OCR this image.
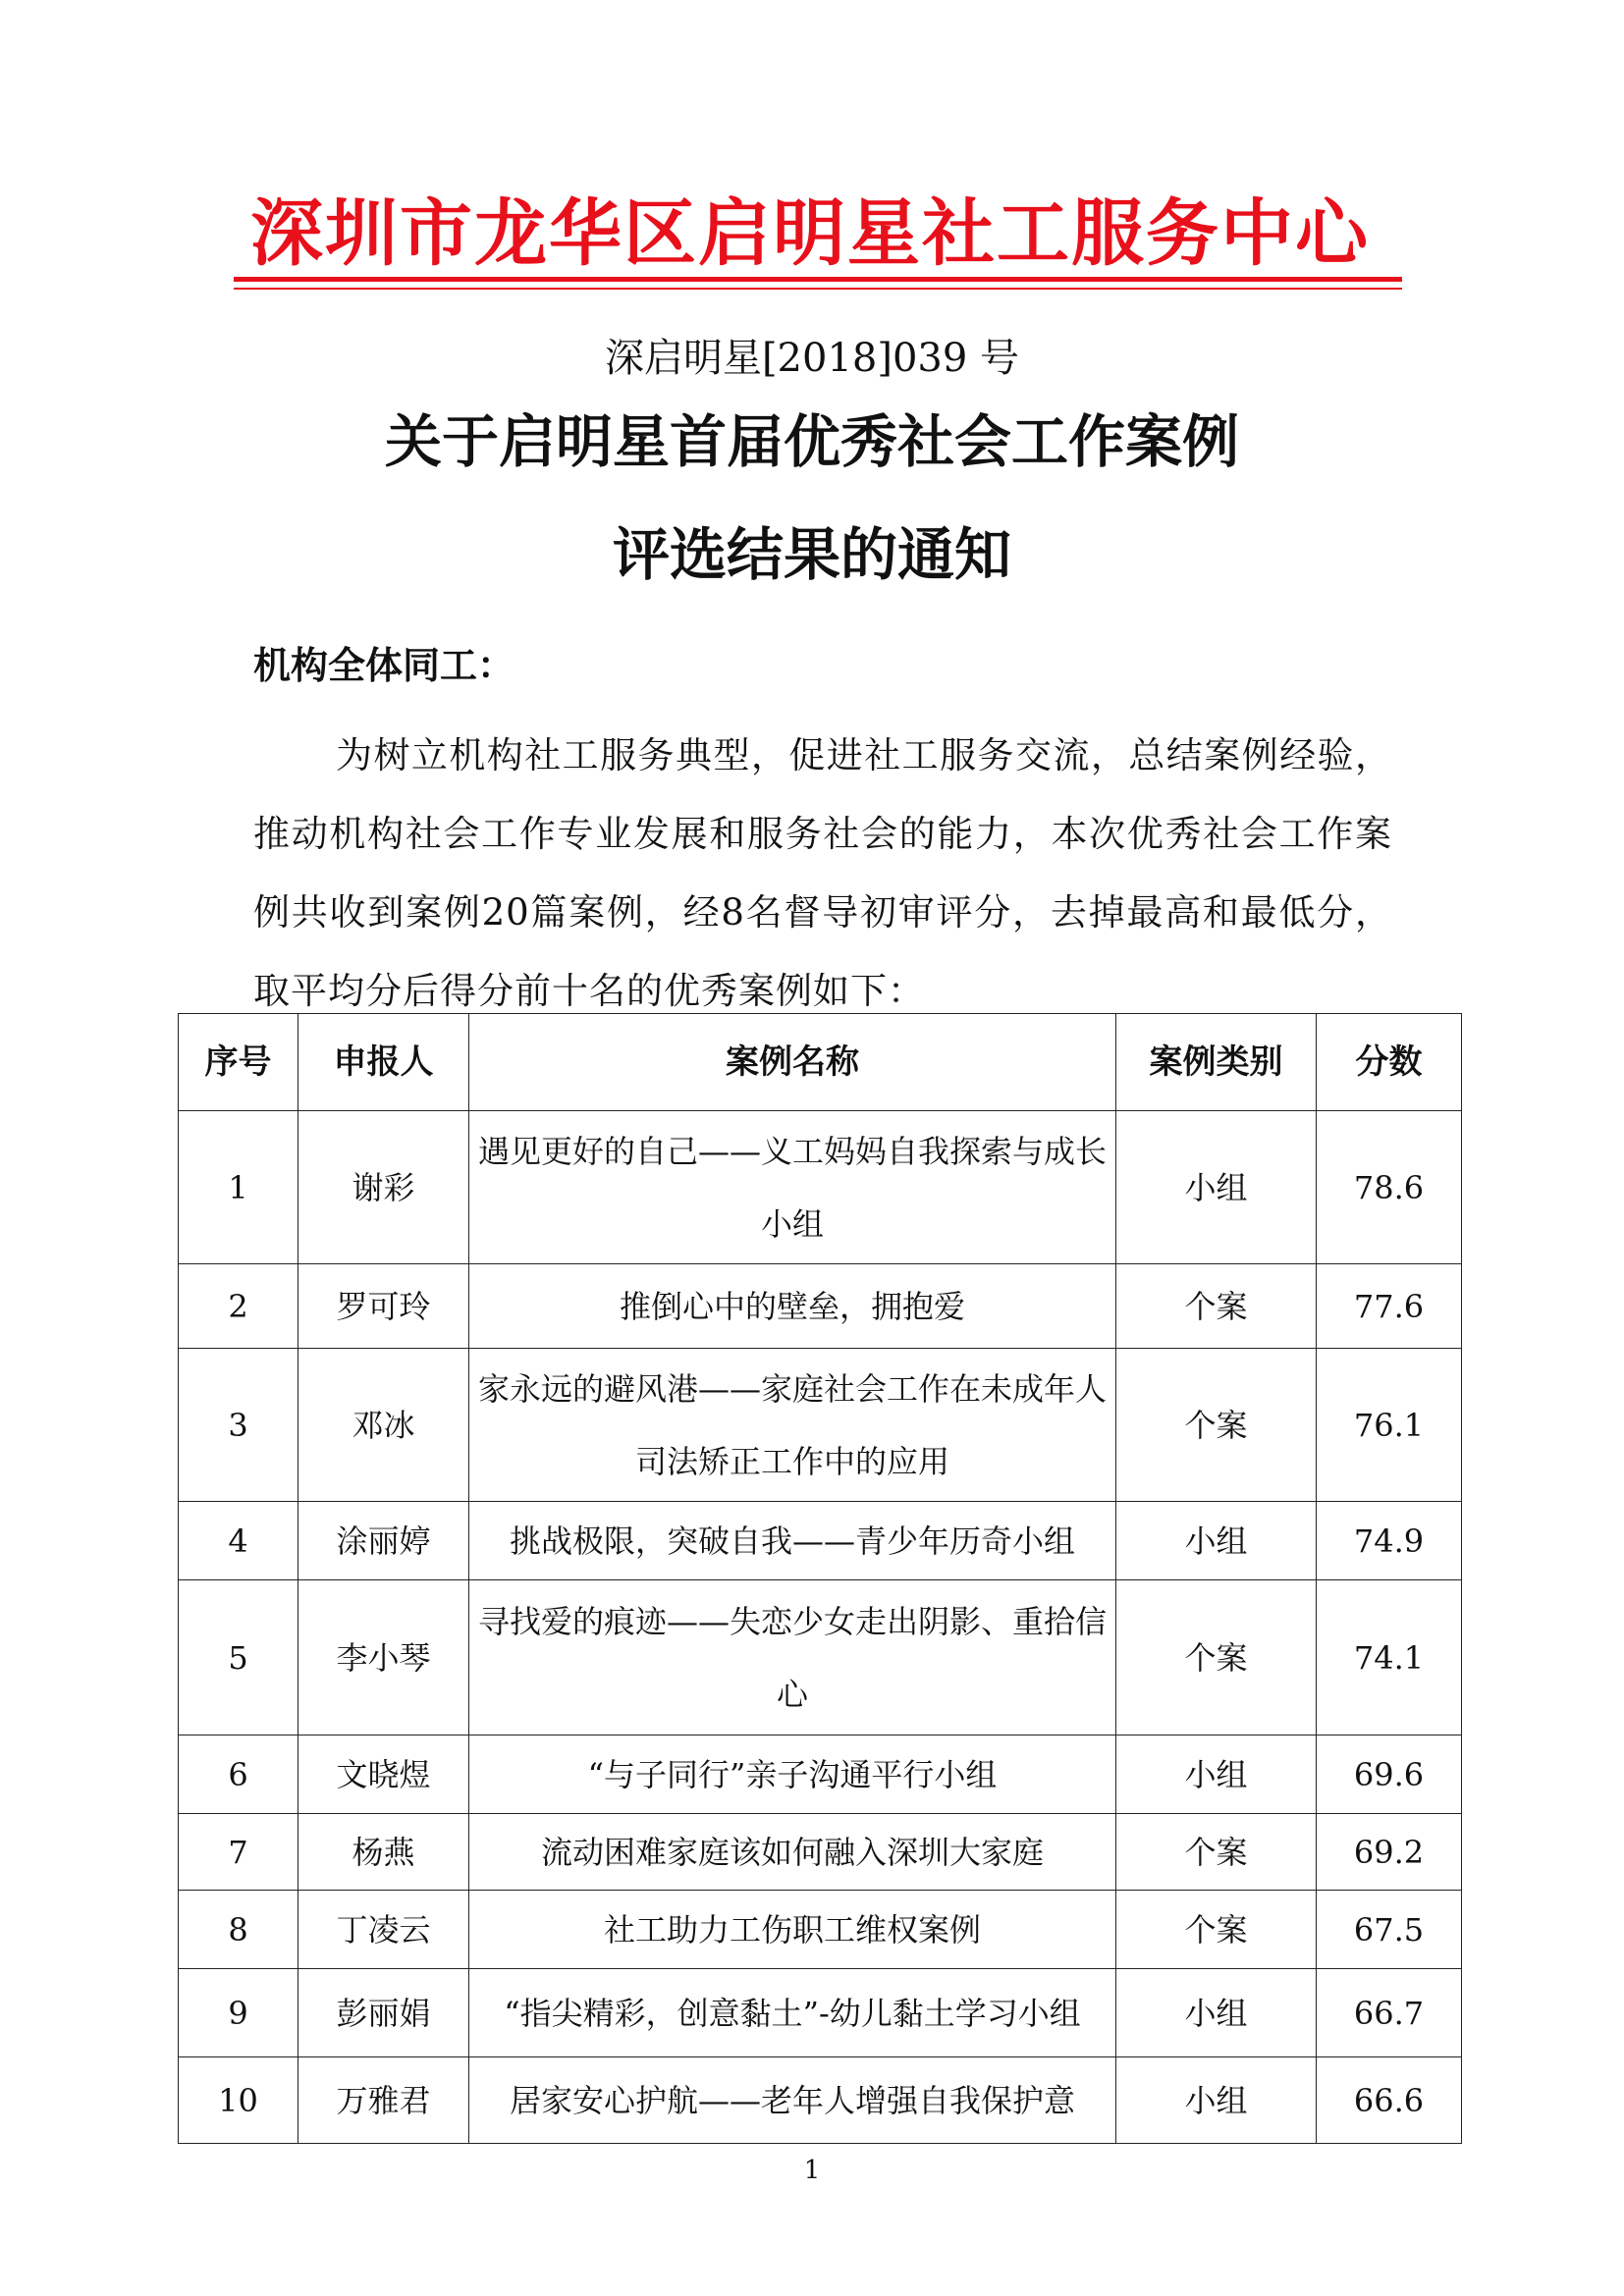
深圳市龙华区启明星社工服务中心
深启明星[2018]039 号
关于启明星首届优秀社会工作案例
评选结果的通知
机构全体同工：
为树立机构社工服务典型，促进社工服务交流，总结案例经验，推动机构社会工作专业发展和服务社会的能力，本次优秀社会工作案例共收到案例20篇案例，经8名督导初审评分，去掉最高和最低分，取平均分后得分前十名的优秀案例如下：
序号	申报人	案例名称	案例类别	分数
1	谢彩	遇见更好的自己——义工妈妈自我探索与成长小组	小组	78.6
2	罗可玲	推倒心中的壁垒，拥抱爱	个案	77.6
3	邓冰	家永远的避风港——家庭社会工作在未成年人司法矫正工作中的应用	个案	76.1
4	涂丽婷	挑战极限，突破自我——青少年历奇小组	小组	74.9
5	李小琴	寻找爱的痕迹——失恋少女走出阴影、重拾信心	个案	74.1
6	文晓煜	“与子同行”亲子沟通平行小组	小组	69.6
7	杨燕	流动困难家庭该如何融入深圳大家庭	个案	69.2
8	丁凌云	社工助力工伤职工维权案例	个案	67.5
9	彭丽娟	“指尖精彩，创意黏土”-幼儿黏土学习小组	小组	66.7
10	万雅君	居家安心护航——老年人增强自我保护意	小组	66.6
1
